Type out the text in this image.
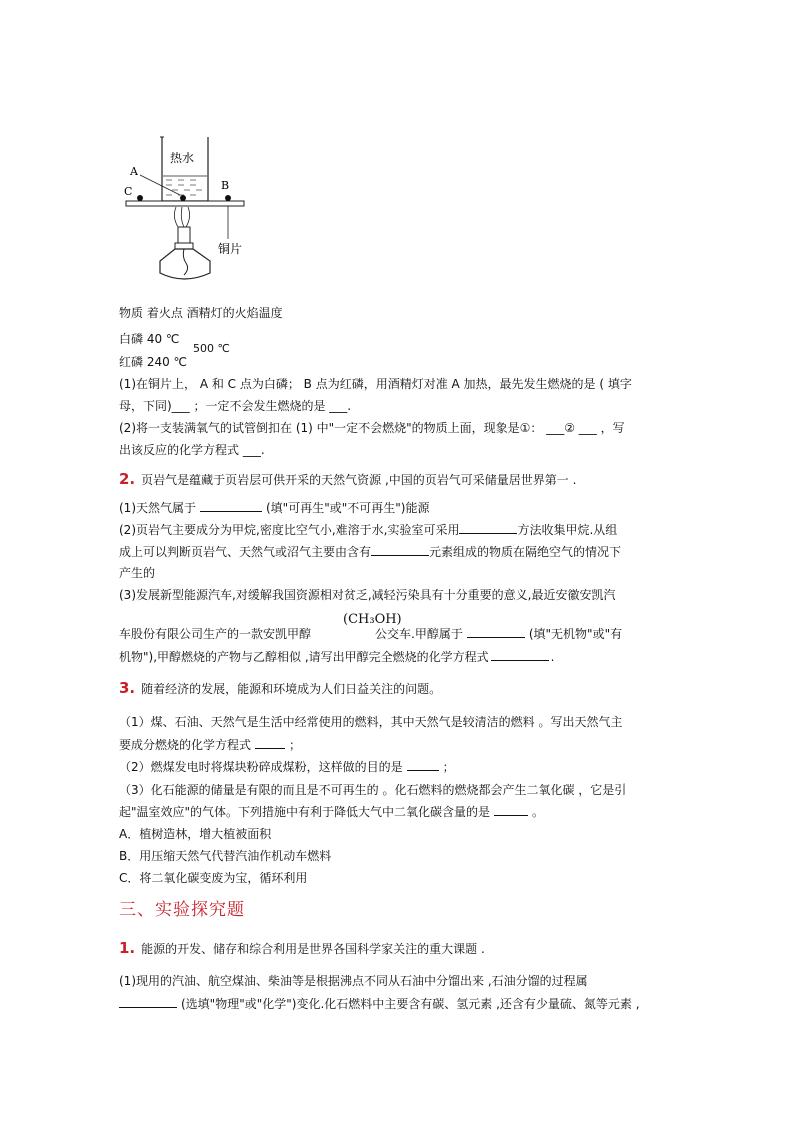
热水
A
C	B
铜片
物质 着火点 酒精灯的火焰温度
白磷 40 ℃
红磷 240 ℃
500 ℃
(1)在铜片上， A 和 C 点为白磷； B 点为红磷，用酒精灯对准 A 加热，最先发生燃烧的是 ( 填字
母，下同)___ ；一定不会发生燃烧的是 ___.
(2)将一支装满氧气的试管倒扣在 (1) 中"一定不会燃烧"的物质上面，现象是①： ___② ___ ，写
出该反应的化学方程式 ___.
2. 页岩气是蕴藏于页岩层可供开采的天然气资源 ,中国的页岩气可采储量居世界第一 .
(1)天然气属于	(填"可再生"或"不可再生")能源
(2)页岩气主要成分为甲烷,密度比空气小,难溶于水,实验室可采用	方法收集甲烷.从组
成上可以判断页岩气、天然气或沼气主要由含有	元素组成的物质在隔绝空气的情况下
产生的
(3)发展新型能源汽车,对缓解我国资源相对贫乏,减轻污染具有十分重要的意义,最近安徽安凯汽
(CH₃OH)
车股份有限公司生产的一款安凯甲醇	公交车.甲醇属于	(填"无机物"或"有
机物"),甲醇燃烧的产物与乙醇相似 ,请写出甲醇完全燃烧的化学方程式	.
3. 随着经济的发展，能源和环境成为人们日益关注的问题。
（1）煤、石油、天然气是生活中经常使用的燃料，其中天然气是较清洁的燃料 。写出天然气主
要成分燃烧的化学方程式	；
（2）燃煤发电时将煤块粉碎成煤粉，这样做的目的是	；
（3）化石能源的储量是有限的而且是不可再生的 。化石燃料的燃烧都会产生二氧化碳 ，它是引
起"温室效应"的气体。下列措施中有利于降低大气中二氧化碳含量的是	。
A．植树造林，增大植被面积
B．用压缩天然气代替汽油作机动车燃料
C．将二氧化碳变废为宝，循环利用
三、实验探究题
1. 能源的开发、储存和综合利用是世界各国科学家关注的重大课题 .
(1)现用的汽油、航空煤油、柴油等是根据沸点不同从石油中分馏出来 ,石油分馏的过程属
(选填"物理"或"化学")变化.化石燃料中主要含有碳、氢元素 ,还含有少量硫、氮等元素 ,
